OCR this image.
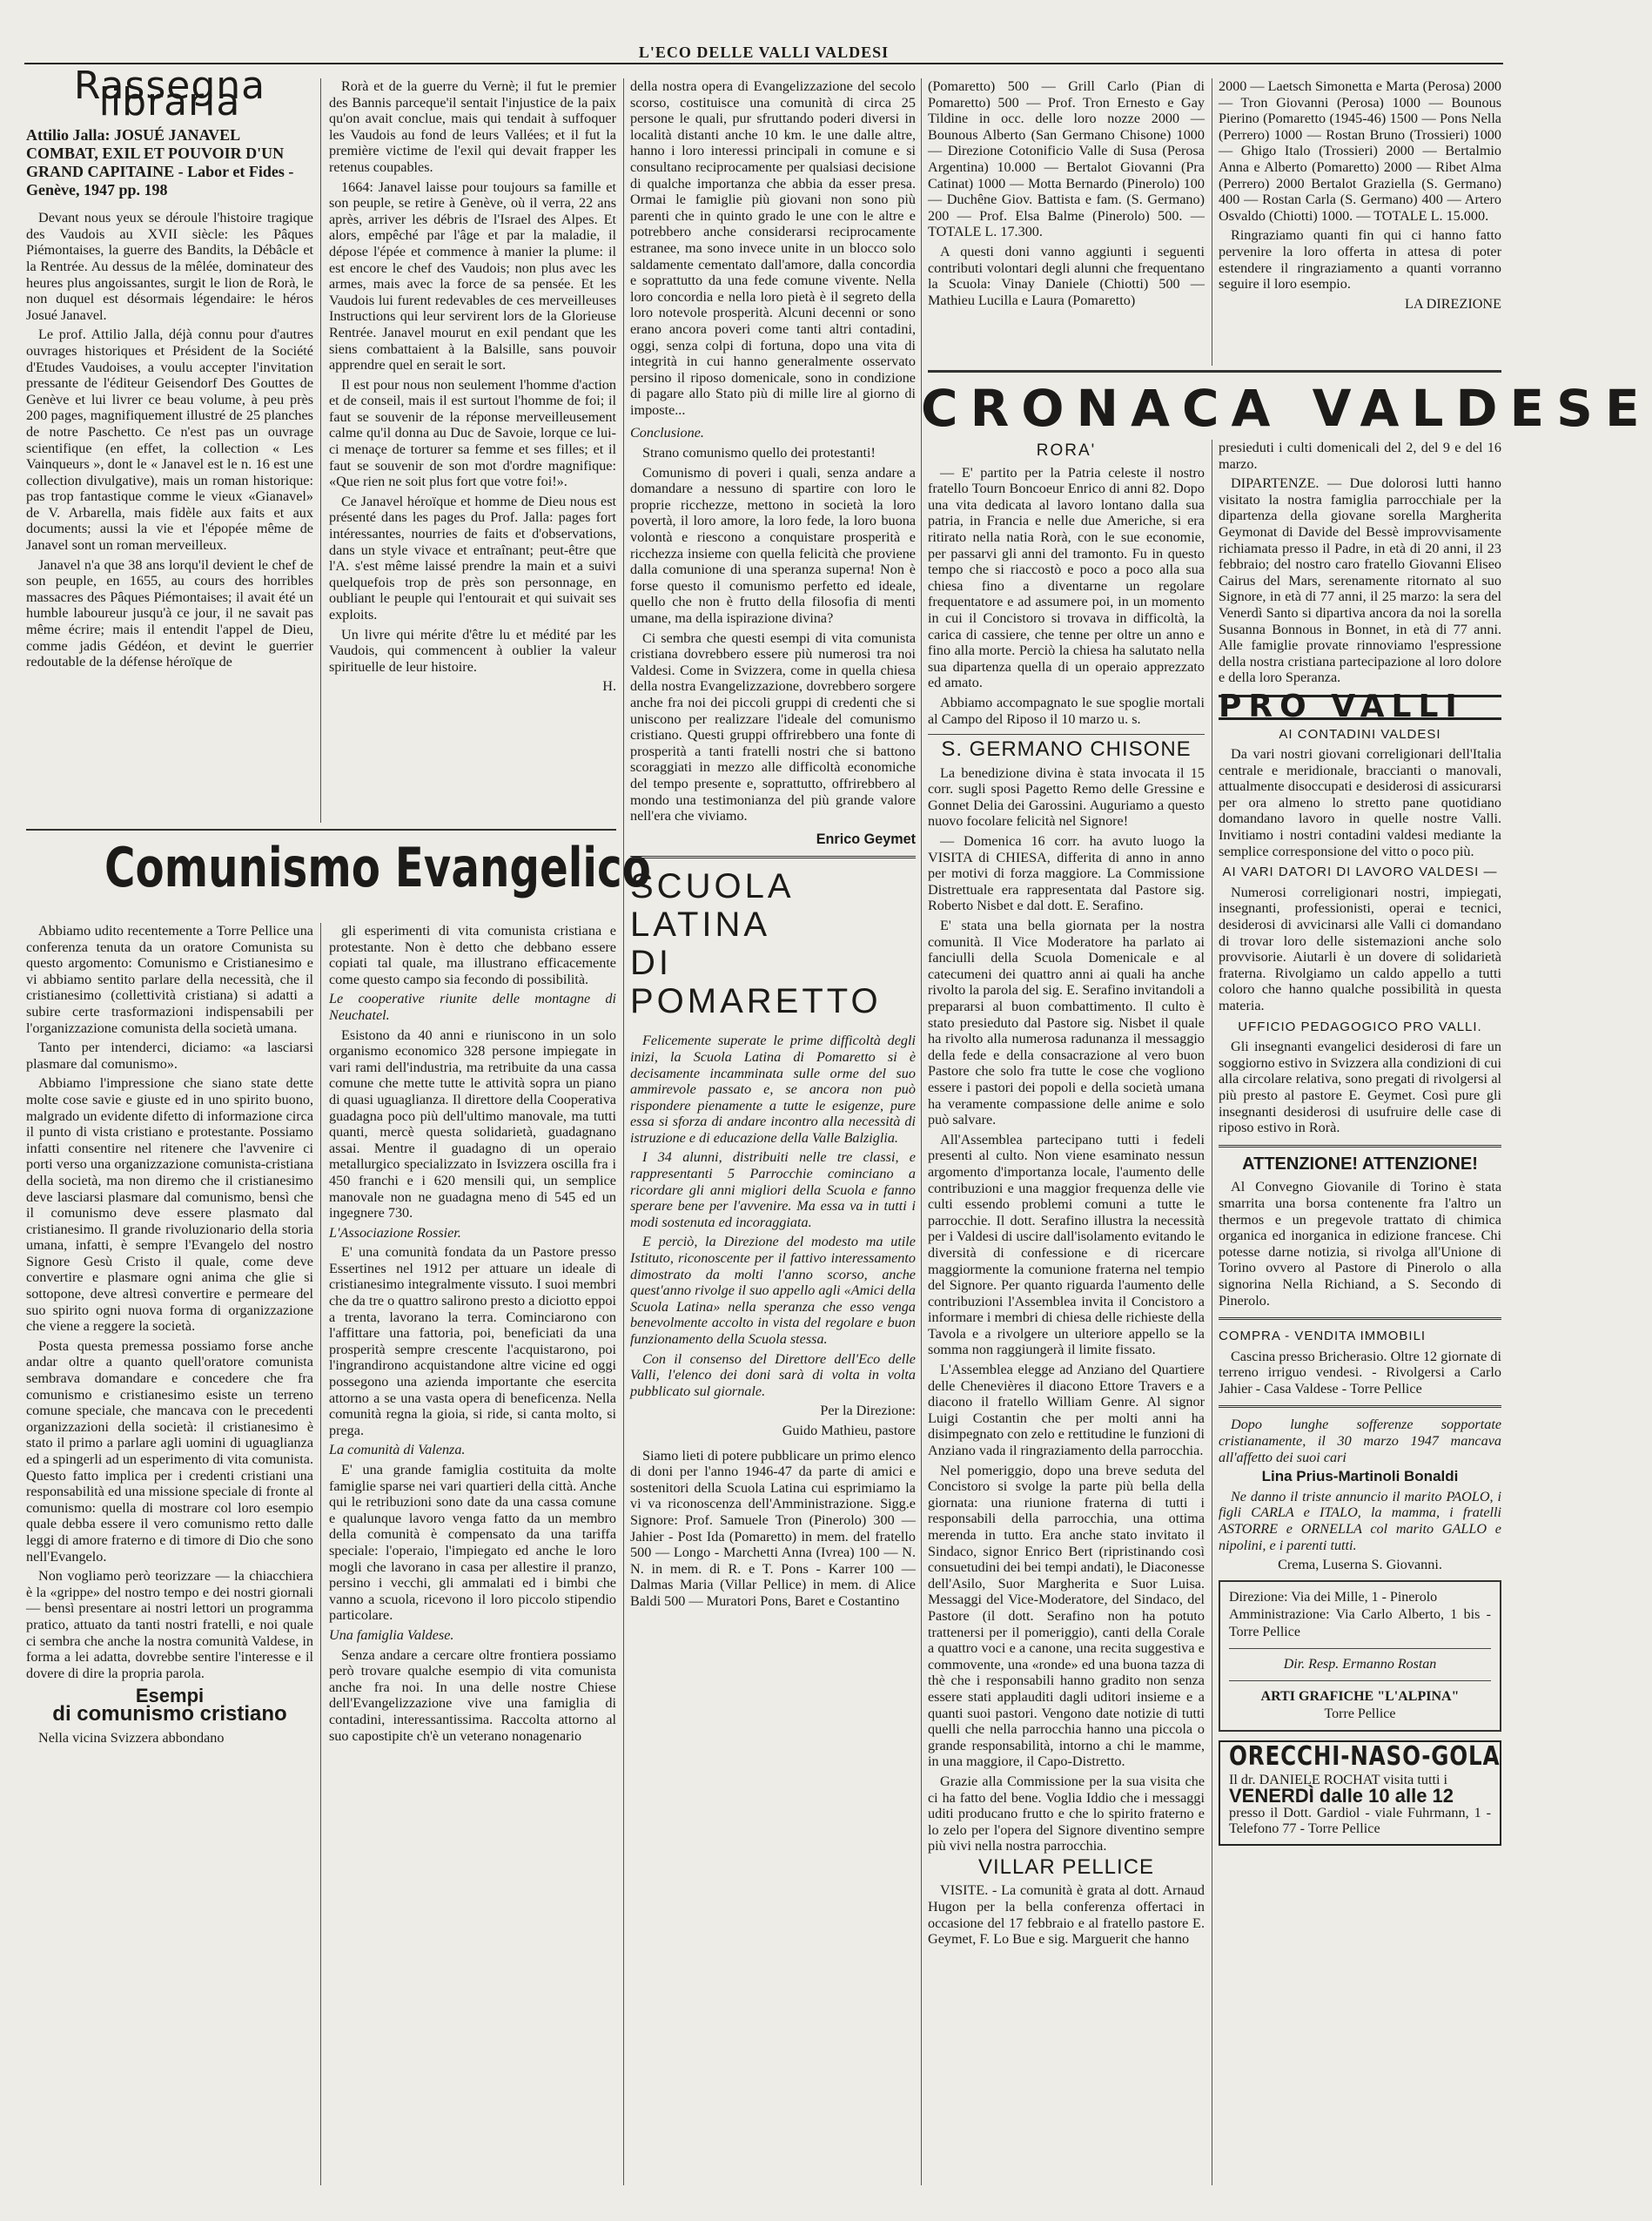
L'ECO DELLE VALLI VALDESI
Rassegna libraria
Attilio Jalla: JOSUÉ JANAVEL COMBAT, EXIL ET POUVOIR D'UN GRAND CAPITAINE - Labor et Fides - Genève, 1947 pp. 198

Devant nous yeux se déroule l'histoire tragique des Vaudois au XVII siècle: les Pâques Piémontaises, la guerre des Bandits, la Débâcle et la Rentrée. Au dessus de la mêlée, dominateur des heures plus angoissantes, surgit le lion de Rorà, le non duquel est désormais légendaire: le héros Josué Janavel.

Le prof. Attilio Jalla, déjà connu pour d'autres ouvrages historiques et Président de la Société d'Etudes Vaudoises, a voulu accepter l'invitation pressante de l'éditeur Geisendorf Des Gouttes de Genève et lui livrer ce beau volume, à peu près 200 pages, magnifiquement illustré de 25 planches de notre Paschetto. Ce n'est pas un ouvrage scientifique (en effet, la collection « Les Vainqueurs », dont le « Janavel est le n. 16 est une collection divulgative), mais un roman historique: pas trop fantastique comme le vieux «Gianavel» de V. Arbarella, mais fidèle aux faits et aux documents; aussi la vie et l'épopée même de Janavel sont un roman merveilleux.

Janavel n'a que 38 ans lorqu'il devient le chef de son peuple, en 1655, au cours des horribles massacres des Pâques Piémontaises; il avait été un humble laboureur jusqu'à ce jour, il ne savait pas même écrire; mais il entendit l'appel de Dieu, comme jadis Gédéon, et devint le guerrier redoutable de la défense héroïque de

Rorà et de la guerre du Vernè; il fut le premier des Bannis parceque'il sentait l'injustice de la paix qu'on avait conclue, mais qui tendait à suffoquer les Vaudois au fond de leurs Vallées; et il fut la première victime de l'exil qui devait frapper les retenus coupables.

1664: Janavel laisse pour toujours sa famille et son peuple, se retire à Genève, où il verra, 22 ans après, arriver les débris de l'Israel des Alpes. Et alors, empêché par l'âge et par la maladie, il dépose l'épée et commence à manier la plume: il est encore le chef des Vaudois; non plus avec les armes, mais avec la force de sa pensée. Et les Vaudois lui furent redevables de ces merveilleuses Instructions qui leur servirent lors de la Glorieuse Rentrée. Janavel mourut en exil pendant que les siens combattaient à la Balsille, sans pouvoir apprendre quel en serait le sort.

Il est pour nous non seulement l'homme d'action et de conseil, mais il est surtout l'homme de foi; il faut se souvenir de la réponse merveilleusement calme qu'il donna au Duc de Savoie, lorque ce lui-ci menaçe de torturer sa femme et ses filles; et il faut se souvenir de son mot d'ordre magnifique: «Que rien ne soit plus fort que votre foi!».

Ce Janavel héroïque et homme de Dieu nous est présenté dans les pages du Prof. Jalla: pages fort intéressantes, nourries de faits et d'observations, dans un style vivace et entraînant; peut-être que l'A. s'est même laissé prendre la main et a suivi quelquefois trop de près son personnage, en oubliant le peuple qui l'entourait et qui suivait ses exploits.

Un livre qui mérite d'être lu et médité par les Vaudois, qui commencent à oublier la valeur spirituelle de leur histoire.

H.
Comunismo Evangelico

Abbiamo udito recentemente a Torre Pellice una conferenza tenuta da un oratore Comunista su questo argomento: Comunismo e Cristianesimo e vi abbiamo sentito parlare della necessità, che il cristianesimo (collettività cristiana) si adatti a subire certe trasformazioni indispensabili per l'organizzazione comunista della società umana.

Tanto per intenderci, diciamo: «a lasciarsi plasmare dal comunismo».

Abbiamo l'impressione che siano state dette molte cose savie e giuste ed in uno spirito buono, malgrado un evidente difetto di informazione circa il punto di vista cristiano e protestante. Possiamo infatti consentire nel ritenere che l'avvenire ci porti verso una organizzazione comunista-cristiana della società, ma non diremo che il cristianesimo deve lasciarsi plasmare dal comunismo, bensì che il comunismo deve essere plasmato dal cristianesimo. Il grande rivoluzionario della storia umana, infatti, è sempre l'Evangelo del nostro Signore Gesù Cristo il quale, come deve convertire e plasmare ogni anima che glie si sottopone, deve altresì convertire e permeare del suo spirito ogni nuova forma di organizzazione che viene a reggere la società.

Posta questa premessa possiamo forse anche andar oltre a quanto quell'oratore comunista sembrava domandare e concedere che fra comunismo e cristianesimo esiste un terreno comune speciale, che mancava con le precedenti organizzazioni della società: il cristianesimo è stato il primo a parlare agli uomini di uguaglianza ed a spingerli ad un esperimento di vita comunista. Questo fatto implica per i credenti cristiani una responsabilità ed una missione speciale di fronte al comunismo: quella di mostrare col loro esempio quale debba essere il vero comunismo retto dalle leggi di amore fraterno e di timore di Dio che sono nell'Evangelo.

Non vogliamo però teorizzare — la chiacchiera è la «grippe» del nostro tempo e dei nostri giornali — bensì presentare ai nostri lettori un programma pratico, attuato da tanti nostri fratelli, e noi quale ci sembra che anche la nostra comunità Valdese, in forma a lei adatta, dovrebbe sentire l'interesse e il dovere di dire la propria parola.

Esempi
di comunismo cristiano

Nella vicina Svizzera abbondano

gli esperimenti di vita comunista cristiana e protestante. Non è detto che debbano essere copiati tal quale, ma illustrano efficacemente come questo campo sia fecondo di possibilità.

Le cooperative riunite delle montagne di Neuchatel.

Esistono da 40 anni e riuniscono in un solo organismo economico 328 persone impiegate in vari rami dell'industria, ma retribuite da una cassa comune che mette tutte le attività sopra un piano di quasi uguaglianza. Il direttore della Cooperativa guadagna poco più dell'ultimo manovale, ma tutti quanti, mercè questa solidarietà, guadagnano assai. Mentre il guadagno di un operaio metallurgico specializzato in Isvizzera oscilla fra i 450 franchi e i 620 mensili qui, un semplice manovale non ne guadagna meno di 545 ed un ingegnere 730.

L'Associazione Rossier.

E' una comunità fondata da un Pastore presso Essertines nel 1912 per attuare un ideale di cristianesimo integralmente vissuto. I suoi membri che da tre o quattro salirono presto a diciotto eppoi a trenta, lavorano la terra. Cominciarono con l'affittare una fattoria, poi, beneficiati da una prosperità sempre crescente l'acquistarono, poi l'ingrandirono acquistandone altre vicine ed oggi possegono una azienda importante che esercita attorno a se una vasta opera di beneficenza. Nella comunità regna la gioia, si ride, si canta molto, si prega.

La comunità di Valenza.

E' una grande famiglia costituita da molte famiglie sparse nei vari quartieri della città. Anche qui le retribuzioni sono date da una cassa comune e qualunque lavoro venga fatto da un membro della comunità è compensato da una tariffa speciale: l'operaio, l'impiegato ed anche le loro mogli che lavorano in casa per allestire il pranzo, persino i vecchi, gli ammalati ed i bimbi che vanno a scuola, ricevono il loro piccolo stipendio particolare.

Una famiglia Valdese.

Senza andare a cercare oltre frontiera possiamo però trovare qualche esempio di vita comunista anche fra noi. In una delle nostre Chiese dell'Evangelizzazione vive una famiglia di contadini, interessantissima. Raccolta attorno al suo capostipite ch'è un veterano nonagenario

della nostra opera di Evangelizzazione del secolo scorso, costituisce una comunità di circa 25 persone le quali, pur sfruttando poderi diversi in località distanti anche 10 km. le une dalle altre, hanno i loro interessi principali in comune e si consultano reciprocamente per qualsiasi decisione di qualche importanza che abbia da esser presa. Ormai le famiglie più giovani non sono più parenti che in quinto grado le une con le altre e potrebbero anche considerarsi reciprocamente estranee, ma sono invece unite in un blocco solo saldamente cementato dall'amore, dalla concordia e soprattutto da una fede comune vivente. Nella loro concordia e nella loro pietà è il segreto della loro notevole prosperità. Alcuni decenni or sono erano ancora poveri come tanti altri contadini, oggi, senza colpi di fortuna, dopo una vita di integrità in cui hanno generalmente osservato persino il riposo domenicale, sono in condizione di pagare allo Stato più di mille lire al giorno di imposte...

Conclusione.

Strano comunismo quello dei protestanti!

Comunismo di poveri i quali, senza andare a domandare a nessuno di spartire con loro le proprie ricchezze, mettono in società la loro povertà, il loro amore, la loro fede, la loro buona volontà e riescono a conquistare prosperità e ricchezza insieme con quella felicità che proviene dalla comunione di una speranza superna! Non è forse questo il comunismo perfetto ed ideale, quello che non è frutto della filosofia di menti umane, ma della ispirazione divina?

Ci sembra che questi esempi di vita comunista cristiana dovrebbero essere più numerosi tra noi Valdesi. Come in Svizzera, come in quella chiesa della nostra Evangelizzazione, dovrebbero sorgere anche fra noi dei piccoli gruppi di credenti che si uniscono per realizzare l'ideale del comunismo cristiano. Questi gruppi offrirebbero una fonte di prosperità a tanti fratelli nostri che si battono scoraggiati in mezzo alle difficoltà economiche del tempo presente e, soprattutto, offrirebbero al mondo una testimonianza del più grande valore nell'era che viviamo.

Enrico Geymet
SCUOLA LATINA
DI POMARETTO

Felicemente superate le prime difficoltà degli inizi, la Scuola Latina di Pomaretto si è decisamente incamminata sulle orme del suo ammirevole passato e, se ancora non può rispondere pienamente a tutte le esigenze, pure essa si sforza di andare incontro alla necessità di istruzione e di educazione della Valle Balziglia.

I 34 alunni, distribuiti nelle tre classi, e rappresentanti 5 Parrocchie cominciano a ricordare gli anni migliori della Scuola e fanno sperare bene per l'avvenire. Ma essa va in tutti i modi sostenuta ed incoraggiata.

E perciò, la Direzione del modesto ma utile Istituto, riconoscente per il fattivo interessamento dimostrato da molti l'anno scorso, anche quest'anno rivolge il suo appello agli «Amici della Scuola Latina» nella speranza che esso venga benevolmente accolto in vista del regolare e buon funzionamento della Scuola stessa.

Con il consenso del Direttore dell'Eco delle Valli, l'elenco dei doni sarà di volta in volta pubblicato sul giornale.

Per la Direzione:
Guido Mathieu, pastore

Siamo lieti di potere pubblicare un primo elenco di doni per l'anno 1946-47 da parte di amici e sostenitori della Scuola Latina cui esprimiamo la vi va riconoscenza dell'Amministrazione. Sigg.e Signore: Prof. Samuele Tron (Pinerolo) 300 — Jahier - Post Ida (Pomaretto) in mem. del fratello 500 — Longo - Marchetti Anna (Ivrea) 100 — N. N. in mem. di R. e T. Pons - Karrer 100 — Dalmas Maria (Villar Pellice) in mem. di Alice Baldi 500 — Muratori Pons, Baret e Costantino

(Pomaretto) 500 — Grill Carlo (Pian di Pomaretto) 500 — Prof. Tron Ernesto e Gay Tildine in occ. delle loro nozze 2000 — Bounous Alberto (San Germano Chisone) 1000 — Direzione Cotonificio Valle di Susa (Perosa Argentina) 10.000 — Bertalot Giovanni (Pra Catinat) 1000 — Motta Bernardo (Pinerolo) 100 — Duchêne Giov. Battista e fam. (S. Germano) 200 — Prof. Elsa Balme (Pinerolo) 500. — TOTALE L. 17.300.

A questi doni vanno aggiunti i seguenti contributi volontari degli alunni che frequentano la Scuola: Vinay Daniele (Chiotti) 500 — Mathieu Lucilla e Laura (Pomaretto)

2000 — Laetsch Simonetta e Marta (Perosa) 2000 — Tron Giovanni (Perosa) 1000 — Bounous Pierino (Pomaretto (1945-46) 1500 — Pons Nella (Perrero) 1000 — Rostan Bruno (Trossieri) 1000 — Ghigo Italo (Trossieri) 2000 — Bertalmio Anna e Alberto (Pomaretto) 2000 — Ribet Alma (Perrero) 2000 Bertalot Graziella (S. Germano) 400 — Rostan Carla (S. Germano) 400 — Artero Osvaldo (Chiotti) 1000. — TOTALE L. 15.000.

Ringraziamo quanti fin qui ci hanno fatto pervenire la loro offerta in attesa di poter estendere il ringraziamento a quanti vorranno seguire il loro esempio.

LA DIREZIONE
CRONACA VALDESE
RORA'

— E' partito per la Patria celeste il nostro fratello Tourn Boncoeur Enrico di anni 82. Dopo una vita dedicata al lavoro lontano dalla sua patria, in Francia e nelle due Americhe, si era ritirato nella natia Rorà, con le sue economie, per passarvi gli anni del tramonto. Fu in questo tempo che si riaccostò e poco a poco alla sua chiesa fino a diventarne un regolare frequentatore e ad assumere poi, in un momento in cui il Concistoro si trovava in difficoltà, la carica di cassiere, che tenne per oltre un anno e fino alla morte. Perciò la chiesa ha salutato nella sua dipartenza quella di un operaio apprezzato ed amato.

Abbiamo accompagnato le sue spoglie mortali al Campo del Riposo il 10 marzo u. s.

S. GERMANO CHISONE

La benedizione divina è stata invocata il 15 corr. sugli sposi Pagetto Remo delle Gressine e Gonnet Delia dei Garossini. Auguriamo a questo nuovo focolare felicità nel Signore!

— Domenica 16 corr. ha avuto luogo la VISITA di CHIESA, differita di anno in anno per motivi di forza maggiore. La Commissione Distrettuale era rappresentata dal Pastore sig. Roberto Nisbet e dal dott. E. Serafino.

E' stata una bella giornata per la nostra comunità. Il Vice Moderatore ha parlato ai fanciulli della Scuola Domenicale e al catecumeni dei quattro anni ai quali ha anche rivolto la parola del sig. E. Serafino invitandoli a prepararsi al buon combattimento. Il culto è stato presieduto dal Pastore sig. Nisbet il quale ha rivolto alla numerosa radunanza il messaggio della fede e della consacrazione al vero buon Pastore che solo fra tutte le cose che vogliono essere i pastori dei popoli e della società umana ha veramente compassione delle anime e solo può salvare.

All'Assemblea partecipano tutti i fedeli presenti al culto. Non viene esaminato nessun argomento d'importanza locale, l'aumento delle contribuzioni e una maggior frequenza delle vie culti essendo problemi comuni a tutte le parrocchie. Il dott. Serafino illustra la necessità per i Valdesi di uscire dall'isolamento evitando le diversità di confessione e di ricercare maggiormente la comunione fraterna nel tempio del Signore. Per quanto riguarda l'aumento delle contribuzioni l'Assemblea invita il Concistoro a informare i membri di chiesa delle richieste della Tavola e a rivolgere un ulteriore appello se la somma non raggiungerà il limite fissato.

L'Assemblea elegge ad Anziano del Quartiere delle Chenevières il diacono Ettore Travers e a diacono il fratello William Genre. Al signor Luigi Costantin che per molti anni ha disimpegnato con zelo e rettitudine le funzioni di Anziano vada il ringraziamento della parrocchia.

Nel pomeriggio, dopo una breve seduta del Concistoro si svolge la parte più bella della giornata: una riunione fraterna di tutti i responsabili della parrocchia, una ottima merenda in tutto. Era anche stato invitato il Sindaco, signor Enrico Bert (ripristinando così consuetudini dei bei tempi andati), le Diaconesse dell'Asilo, Suor Margherita e Suor Luisa. Messaggi del Vice-Moderatore, del Sindaco, del Pastore (il dott. Serafino non ha potuto trattenersi per il pomeriggio), canti della Corale a quattro voci e a canone, una recita suggestiva e commovente, una «ronde» ed una buona tazza di thè che i responsabili hanno gradito non senza essere stati applauditi dagli uditori insieme e a quanti suoi pastori. Vengono date notizie di tutti quelli che nella parrocchia hanno una piccola o grande responsabilità, intorno a chi le mamme, in una maggiore, il Capo-Distretto.

Grazie alla Commissione per la sua visita che ci ha fatto del bene. Voglia Iddio che i messaggi uditi producano frutto e che lo spirito fraterno e lo zelo per l'opera del Signore diventino sempre più vivi nella nostra parrocchia.

VILLAR PELLICE

VISITE. - La comunità è grata al dott. Arnaud Hugon per la bella conferenza offertaci in occasione del 17 febbraio e al fratello pastore E. Geymet, F. Lo Bue e sig. Marguerit che hanno

presieduti i culti domenicali del 2, del 9 e del 16 marzo.

DIPARTENZE. — Due dolorosi lutti hanno visitato la nostra famiglia parrocchiale per la dipartenza della giovane sorella Margherita Geymonat di Davide del Bessè improvvisamente richiamata presso il Padre, in età di 20 anni, il 23 febbraio; del nostro caro fratello Giovanni Eliseo Cairus del Mars, serenamente ritornato al suo Signore, in età di 77 anni, il 25 marzo: la sera del Venerdì Santo si dipartiva ancora da noi la sorella Susanna Bonnous in Bonnet, in età di 77 anni. Alle famiglie provate rinnoviamo l'espressione della nostra cristiana partecipazione al loro dolore e della loro Speranza.

PRO VALLI
AI CONTADINI VALDESI

Da vari nostri giovani correligionari dell'Italia centrale e meridionale, braccianti o manovali, attualmente disoccupati e desiderosi di assicurarsi per ora almeno lo stretto pane quotidiano domandano lavoro in quelle nostre Valli. Invitiamo i nostri contadini valdesi mediante la semplice corresponsione del vitto o poco più.

AI VARI DATORI DI LAVORO VALDESI —

Numerosi correligionari nostri, impiegati, insegnanti, professionisti, operai e tecnici, desiderosi di avvicinarsi alle Valli ci domandano di trovar loro delle sistemazioni anche solo provvisorie. Aiutarli è un dovere di solidarietà fraterna. Rivolgiamo un caldo appello a tutti coloro che hanno qualche possibilità in questa materia.

UFFICIO PEDAGOGICO PRO VALLI.

Gli insegnanti evangelici desiderosi di fare un soggiorno estivo in Svizzera alla condizioni di cui alla circolare relativa, sono pregati di rivolgersi al più presto al pastore E. Geymet. Così pure gli insegnanti desiderosi di usufruire delle case di riposo estivo in Rorà.

ATTENZIONE! ATTENZIONE!

Al Convegno Giovanile di Torino è stata smarrita una borsa contenente fra l'altro un thermos e un pregevole trattato di chimica organica ed inorganica in edizione francese. Chi potesse darne notizia, si rivolga all'Unione di Torino ovvero al Pastore di Pinerolo o alla signorina Nella Richiand, a S. Secondo di Pinerolo.

COMPRA - VENDITA IMMOBILI

Cascina presso Bricherasio. Oltre 12 giornate di terreno irriguo vendesi. - Rivolgersi a Carlo Jahier - Casa Valdese - Torre Pellice

Dopo lunghe sofferenze sopportate cristianamente, il 30 marzo 1947 mancava all'affetto dei suoi cari

Lina Prius-Martinoli Bonaldi

Ne danno il triste annuncio il marito PAOLO, i figli CARLA e ITALO, la mamma, i fratelli ASTORRE e ORNELLA col marito GALLO e nipolini, e i parenti tutti.

Crema, Luserna S. Giovanni.
Direzione: Via dei Mille, 1 - Pinerolo
Amministrazione: Via Carlo Alberto, 1 bis - Torre Pellice
Dir. Resp. Ermanno Rostan
ARTI GRAFICHE "L'ALPINA"
Torre Pellice
ORECCHI-NASO-GOLA
Il dr. DANIELE ROCHAT visita tutti i
VENERDÌ dalle 10 alle 12
presso il Dott. Gardiol - viale Fuhrmann, 1 - Telefono 77 - Torre Pellice
